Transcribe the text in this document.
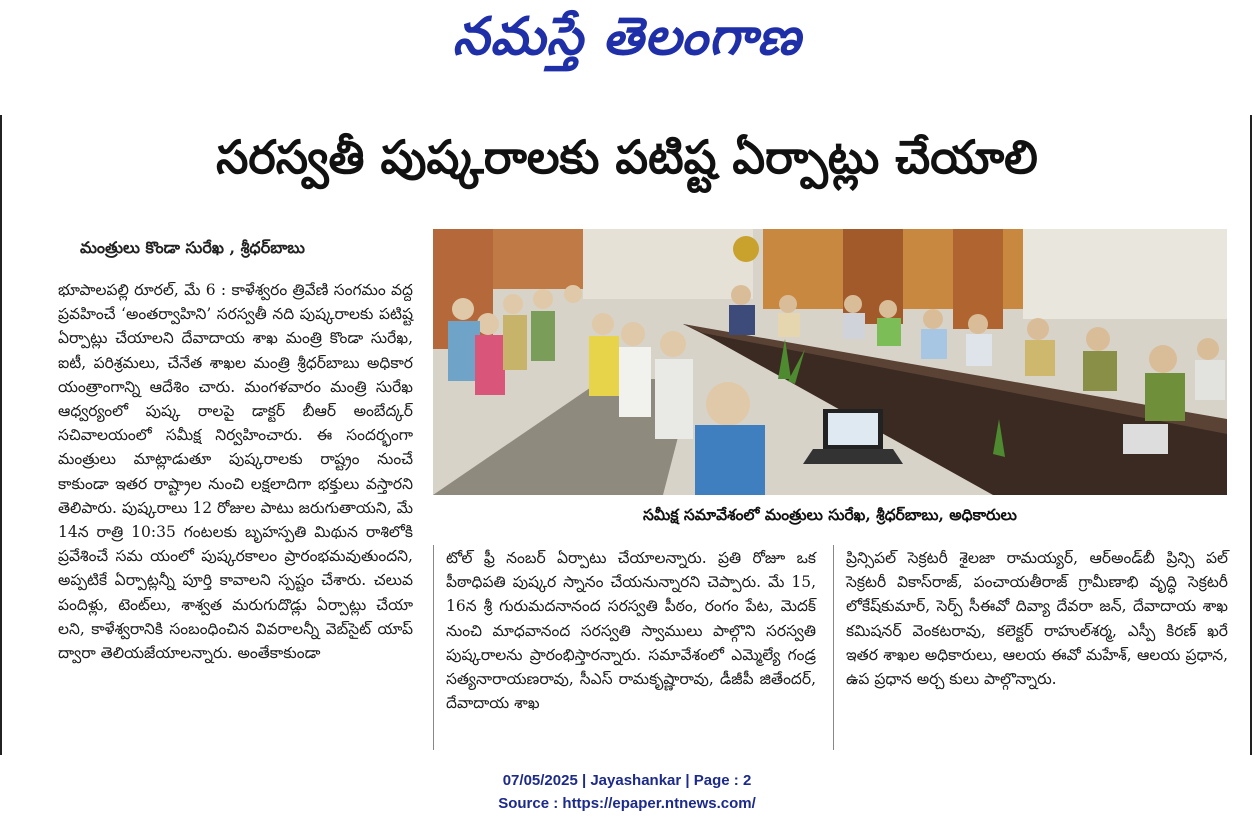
నమస్తే తెలంగాణ
సరస్వతీ పుష్కరాలకు పటిష్ట ఏర్పాట్లు చేయాలి
మంత్రులు కొండా సురేఖ , శ్రీధర్‌బాబు
భూపాలపల్లి రూరల్‌, మే 6 : కాళేశ్వరం త్రివేణి సంగమం వద్ద ప్రవహించే ‘అంతర్వాహిని’ సరస్వతీ నది పుష్కరాలకు పటిష్ట ఏర్పాట్లు చేయాలని దేవాదాయ శాఖ మంత్రి కొండా సురేఖ, ఐటీ, పరిశ్రమలు, చేనేత శాఖల మంత్రి శ్రీధర్‌బాబు అధికార యంత్రాంగాన్ని ఆదేశిం చారు. మంగళవారం మంత్రి సురేఖ ఆధ్వర్యంలో పుష్క రాలపై డాక్టర్‌ బీఆర్‌ అంబేద్కర్‌ సచివాలయంలో సమీక్ష నిర్వహించారు. ఈ సందర్భంగా మంత్రులు మాట్లాడుతూ పుష్కరాలకు రాష్ట్రం నుంచే కాకుండా ఇతర రాష్ట్రాల నుంచి లక్షలాదిగా భక్తులు వస్తారని తెలిపారు. పుష్కరాలు 12 రోజుల పాటు జరుగుతాయని, మే 14న రాత్రి 10:35 గంటలకు బృహస్పతి మిథున రాశిలోకి ప్రవేశించే సమ యంలో పుష్కరకాలం ప్రారంభమవుతుందని, అప్పటికే ఏర్పాట్లన్నీ పూర్తి కావాలని స్పష్టం చేశారు. చలువ పందిళ్లు, టెంట్‌లు, శాశ్వత మరుగుదొడ్లు ఏర్పాట్లు చేయా లని, కాళేశ్వరానికి సంబంధించిన వివరాలన్నీ వెబ్‌సైట్‌ యాప్‌ ద్వారా తెలియజేయాలన్నారు. అంతేకాకుండా
సమీక్ష సమావేశంలో మంత్రులు సురేఖ, శ్రీధర్‌బాబు, అధికారులు
టోల్‌ ఫ్రీ నంబర్‌ ఏర్పాటు చేయాలన్నారు. ప్రతి రోజూ ఒక పీఠాధిపతి పుష్కర స్నానం చేయనున్నారని చెప్పారు. మే 15, 16న శ్రీ గురుమదనానంద సరస్వతి పీఠం, రంగం పేట, మెదక్‌ నుంచి మాధవానంద సరస్వతి స్వాములు పాల్గొని సరస్వతి పుష్కరాలను ప్రారంభిస్తారన్నారు. సమావేశంలో ఎమ్మెల్యే గండ్ర సత్యనారాయణరావు, సీఎస్‌ రామకృష్ణారావు, డీజీపీ జితేందర్‌, దేవాదాయ శాఖ
ప్రిన్సిపల్‌ సెక్రటరీ శైలజా రామయ్యర్‌, ఆర్‌అండ్‌బీ ప్రిన్సి పల్‌ సెక్రటరీ వికాస్‌రాజ్‌, పంచాయతీరాజ్‌ గ్రామీణాభి వృద్ధి సెక్రటరీ లోకేష్‌కుమార్‌, సెర్ప్‌ సీఈవో దివ్యా దేవరా జన్‌, దేవాదాయ శాఖ కమిషనర్‌ వెంకటరావు, కలెక్టర్‌ రాహుల్‌శర్మ, ఎస్పీ కిరణ్‌ ఖరే ఇతర శాఖల అధికారులు, ఆలయ ఈవో మహేశ్‌, ఆలయ ప్రధాన, ఉప ప్రధాన అర్చ కులు పాల్గొన్నారు.
07/05/2025 | Jayashankar | Page : 2
Source : https://epaper.ntnews.com/
